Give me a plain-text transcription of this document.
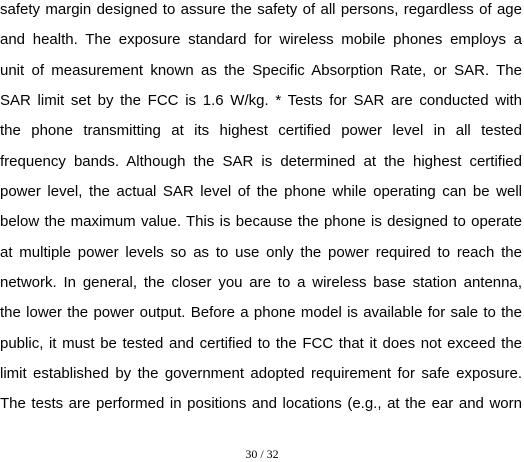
safety margin designed to assure the safety of all persons, regardless of age
and health. The exposure standard for wireless mobile phones employs a
unit of measurement known as the Specific Absorption Rate, or SAR. The
SAR limit set by the FCC is 1.6 W/kg. * Tests for SAR are conducted with
the phone transmitting at its highest certified power level in all tested
frequency bands. Although the SAR is determined at the highest certified
power level, the actual SAR level of the phone while operating can be well
below the maximum value. This is because the phone is designed to operate
at multiple power levels so as to use only the power required to reach the
network. In general, the closer you are to a wireless base station antenna,
the lower the power output. Before a phone model is available for sale to the
public, it must be tested and certified to the FCC that it does not exceed the
limit established by the government adopted requirement for safe exposure.
The tests are performed in positions and locations (e.g., at the ear and worn
30 / 32
